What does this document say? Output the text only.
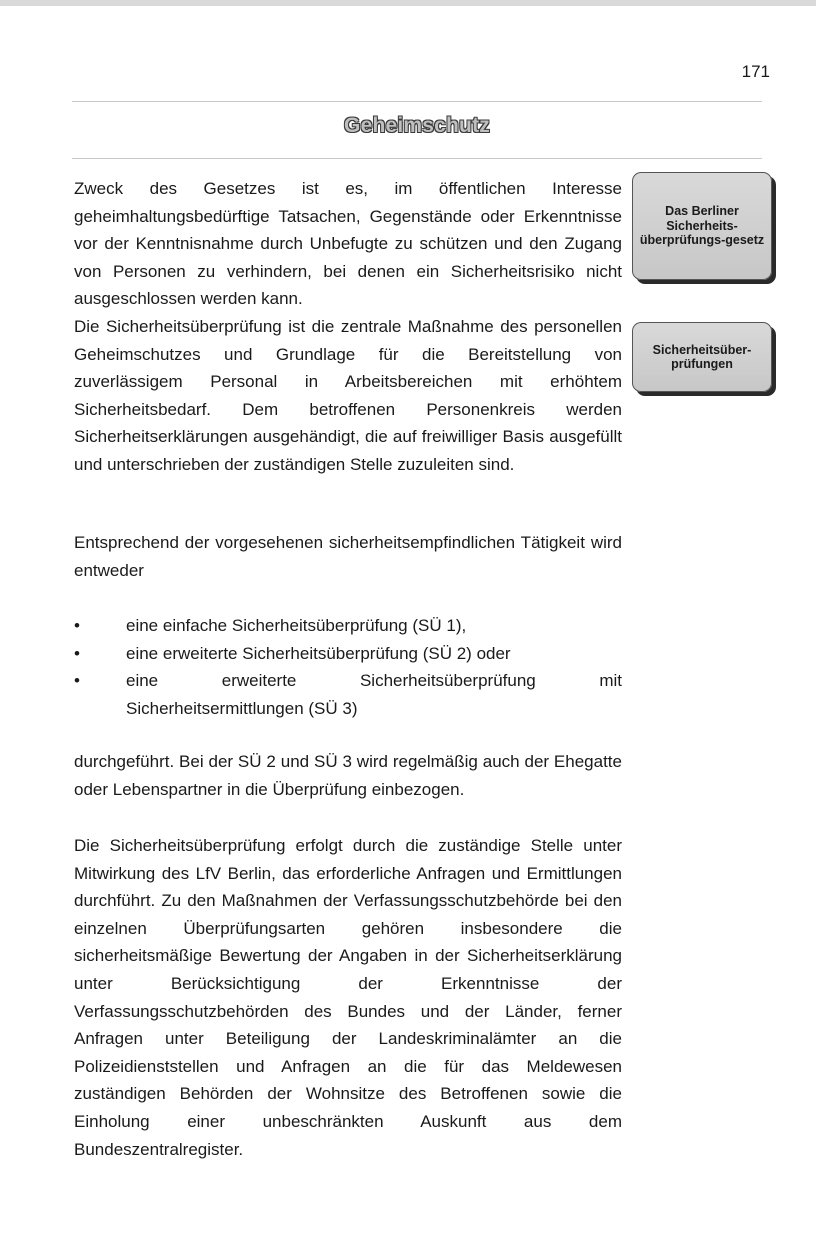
171
Geheimschutz
Zweck des Gesetzes ist es, im öffentlichen Interesse geheimhaltungsbedürftige Tatsachen, Gegenstände oder Erkenntnisse vor der Kenntnisnahme durch Unbefugte zu schützen und den Zugang von Personen zu verhindern, bei denen ein Sicherheitsrisiko nicht ausgeschlossen werden kann.
Die Sicherheitsüberprüfung ist die zentrale Maßnahme des personellen Geheimschutzes und Grundlage für die Bereitstellung von zuverlässigem Personal in Arbeitsbereichen mit erhöhtem Sicherheitsbedarf. Dem betroffenen Personenkreis werden Sicherheitserklärungen ausgehändigt, die auf freiwilliger Basis ausgefüllt und unterschrieben der zuständigen Stelle zuzuleiten sind.
Das Berliner Sicherheits-überprüfungs-gesetz
Sicherheitsüber-prüfungen

Entsprechend der vorgesehenen sicherheitsempfindlichen Tätigkeit wird entweder

•	eine einfache Sicherheitsüberprüfung (SÜ 1),
•	eine erweiterte Sicherheitsüberprüfung (SÜ 2) oder
•	eine erweiterte Sicherheitsüberprüfung mit Sicherheitsermittlungen (SÜ 3)

durchgeführt. Bei der SÜ 2 und SÜ 3 wird regelmäßig auch der Ehegatte oder Lebenspartner in die Überprüfung einbezogen.

Die Sicherheitsüberprüfung erfolgt durch die zuständige Stelle unter Mitwirkung des LfV Berlin, das erforderliche Anfragen und Ermittlungen durchführt. Zu den Maßnahmen der Verfassungsschutzbehörde bei den einzelnen Überprüfungsarten gehören insbesondere die sicherheitsmäßige Bewertung der Angaben in der Sicherheitserklärung unter Berücksichtigung der Erkenntnisse der Verfassungsschutzbehörden des Bundes und der Länder, ferner Anfragen unter Beteiligung der Landeskriminalämter an die Polizeidienststellen und Anfragen an die für das Meldewesen zuständigen Behörden der Wohnsitze des Betroffenen sowie die Einholung einer unbeschränkten Auskunft aus dem Bundeszentralregister.
